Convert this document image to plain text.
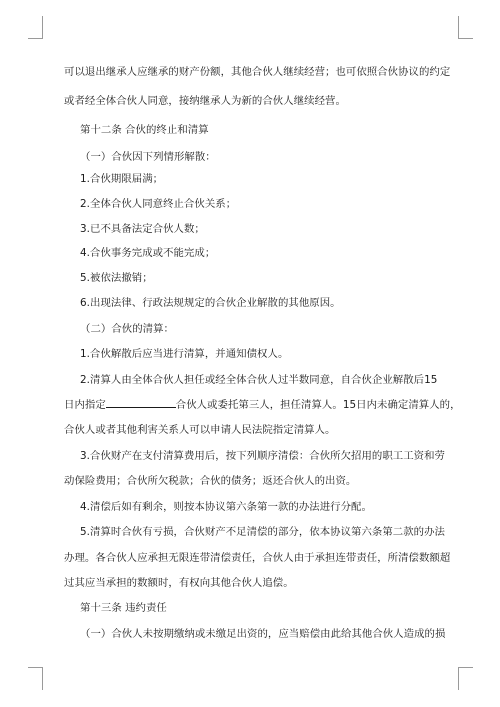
可以退出继承人应继承的财产份额，其他合伙人继续经营；也可依照合伙协议的约定
或者经全体合伙人同意，接纳继承人为新的合伙人继续经营。
第十二条 合伙的终止和清算
（一）合伙因下列情形解散：
1.合伙期限届满；
2.全体合伙人同意终止合伙关系；
3.已不具备法定合伙人数；
4.合伙事务完成或不能完成；
5.被依法撤销；
6.出现法律、行政法规规定的合伙企业解散的其他原因。
（二）合伙的清算：
1.合伙解散后应当进行清算，并通知债权人。
2.清算人由全体合伙人担任或经全体合伙人过半数同意，自合伙企业解散后15
日内指定	合伙人或委托第三人，担任清算人。15日内未确定清算人的，
合伙人或者其他利害关系人可以申请人民法院指定清算人。
3.合伙财产在支付清算费用后，按下列顺序清偿：合伙所欠招用的职工工资和劳
动保险费用；合伙所欠税款；合伙的债务；返还合伙人的出资。
4.清偿后如有剩余，则按本协议第六条第一款的办法进行分配。
5.清算时合伙有亏损，合伙财产不足清偿的部分，依本协议第六条第二款的办法
办理。各合伙人应承担无限连带清偿责任，合伙人由于承担连带责任，所清偿数额超
过其应当承担的数额时，有权向其他合伙人追偿。
第十三条 违约责任
（一）合伙人未按期缴纳或未缴足出资的，应当赔偿由此给其他合伙人造成的损
